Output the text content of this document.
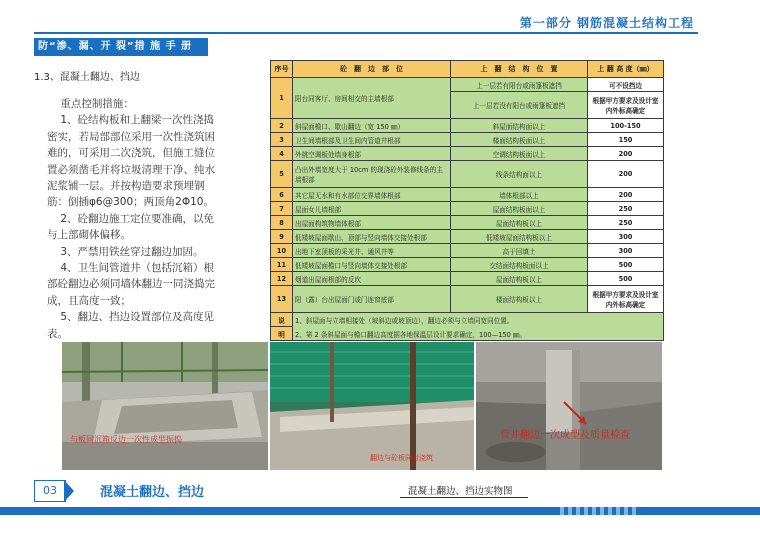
第一部分 钢筋混凝土结构工程
防“渗、漏、开 裂”措 施 手 册
1.3、混凝土翻边、挡边
重点控制措施：
1、砼结构板和上翻梁一次性浇捣密实，若局部部位采用一次性浇筑困难的，可采用二次浇筑，但施工缝位置必须凿毛并将垃圾清理干净、纯水泥浆铺一层。并按构造要求预埋钢筋：倒插φ6@300；两顶角2Φ10。
2、砼翻边施工定位要准确，以免与上部砌体偏移。
3、严禁用铁丝穿过翻边加固。
4、卫生间管道井（包括沉箱）根部砼翻边必须同墙体翻边一同浇捣完成，且高度一致；
5、翻边、挡边设置部位及高度见表。
序号	砼　翻　边　部　位	上　翻　结　构　位　置	上 翻 高 度（㎜）
1	阳台同客厅、房间相交的主墙根部	上一层若有阳台或雨篷板遮挡	可不设挡边
		上一层若没有阳台或雨篷板遮挡	根据甲方要求及设计室内外标高确定
2	斜屋面檐口、歇山翻边（宽 150 ㎜）	斜屋面结构面以上	100-150
3	卫生间墙根部及卫生间内管道井根部	楼面结构板面以上	150
4	外挑空调板处墙身根部	空调结构板面以上	200
5	凸出外墙宽度大于 10cm 的现浇砼外装修线条的主墙根部	线条结构面以上	200
6	其它屋无水和有水部位交界墙体根部	墙体根部以上	200
7	屋面女儿墙根部	屋面结构板面以上	250
8	出屋面构筑物墙体根部	屋面结构板以上	250
9	低矮坡屋面歇山、顶部与竖向墙体交接处根部	低矮坡屋面结构板以上	300
10	出地下室顶板的采光井、通风井等	高于回填土	300
11	低矮坡屋面檐口与竖向墙体交接处根部	交结面结构板面以上	500
12	烟道出屋面根部的反坎	屋面结构板以上	500
13	阳（露）台出屋面门或门连窗底部	楼面结构板以上	根据甲方要求及设计室内外标高确定
说	1、斜屋面与立墙相接处（坡斜边或坡顶边），翻边必须与立墙同宽同位置。
2、第 2 条斜屋面与檐口翻边高度据各地保温层设计要求确定，100—150 ㎜。		

明			
与板同沉箱反边一次性成型振捣
翻边与砼板同时浇筑
管井翻边一次成型及质量检查
03	混凝土翻边、挡边	混凝土翻边、挡边实物图
